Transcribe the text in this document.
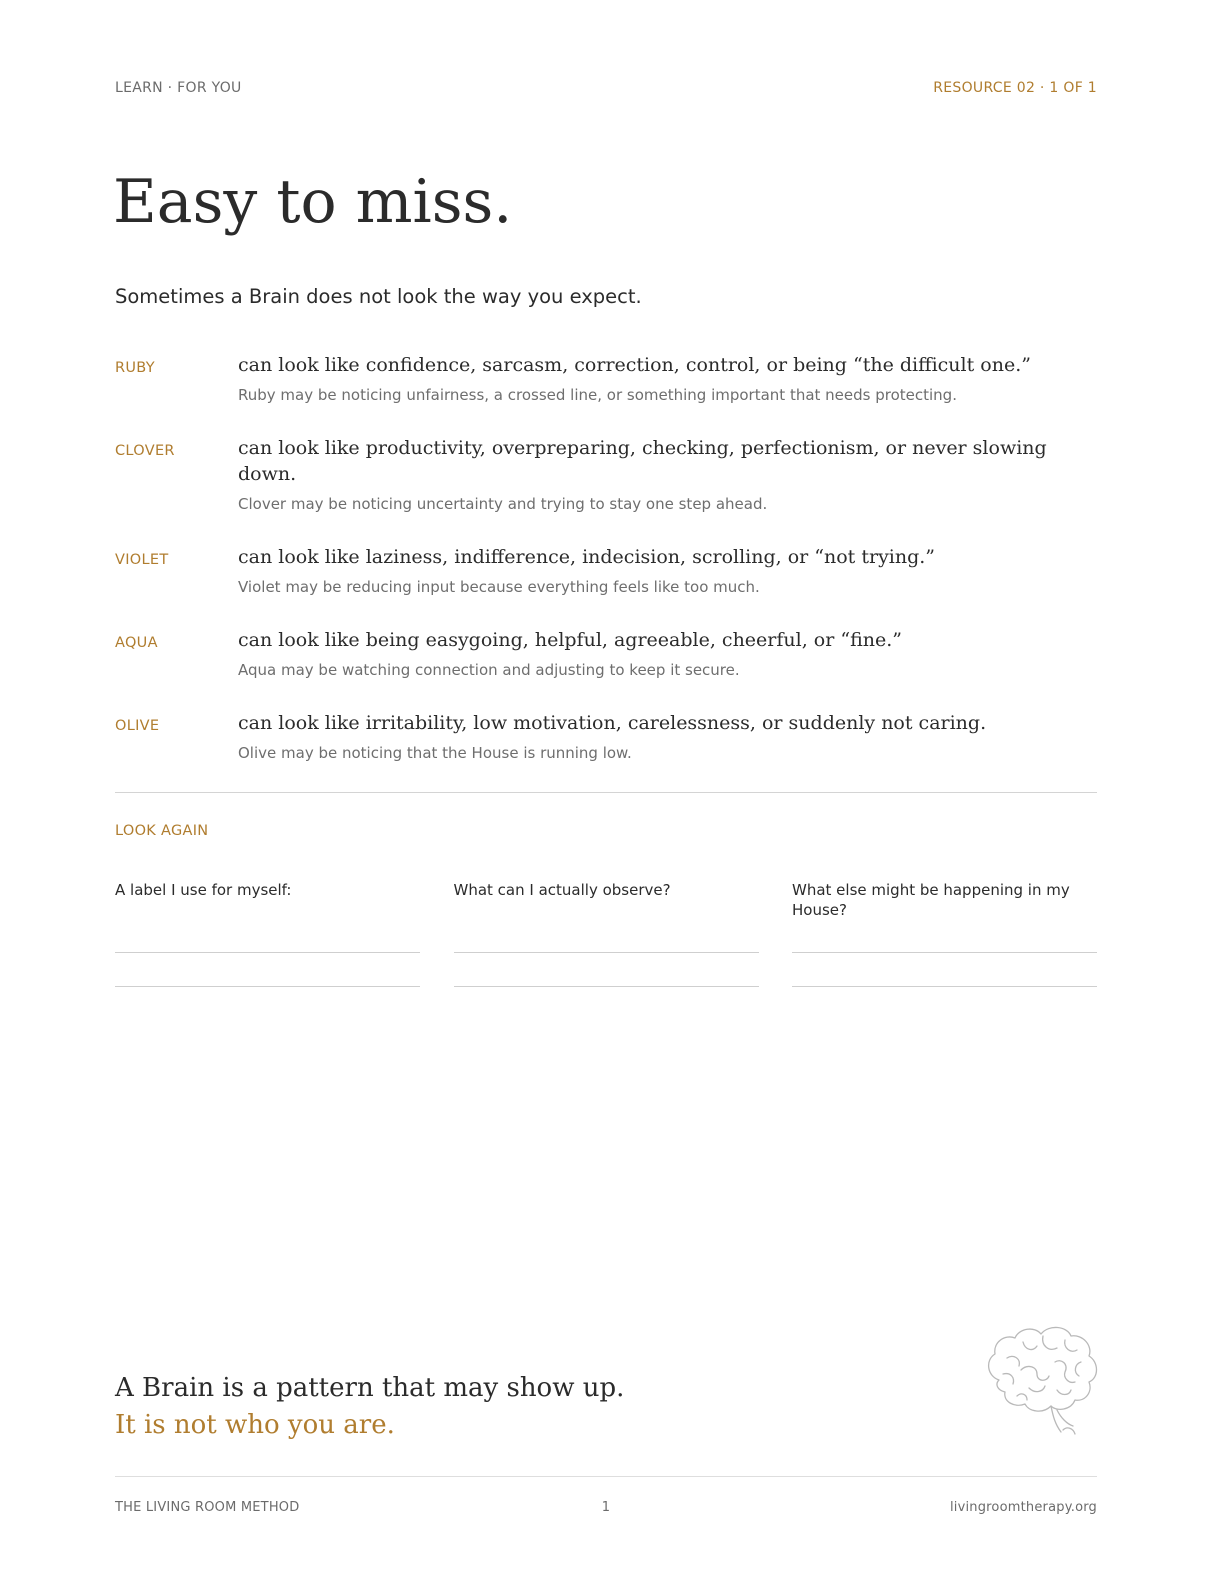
LEARN · FOR YOU	RESOURCE 02 · 1 OF 1
Easy to miss.

Sometimes a Brain does not look the way you expect.

RUBY	can look like confidence, sarcasm, correction, control, or being “the difficult one.”
Ruby may be noticing unfairness, a crossed line, or something important that needs protecting.
CLOVER	can look like productivity, overpreparing, checking, perfectionism, or never slowing down.
Clover may be noticing uncertainty and trying to stay one step ahead.
VIOLET	can look like laziness, indifference, indecision, scrolling, or “not trying.”
Violet may be reducing input because everything feels like too much.
AQUA	can look like being easygoing, helpful, agreeable, cheerful, or “fine.”
Aqua may be watching connection and adjusting to keep it secure.
OLIVE	can look like irritability, low motivation, carelessness, or suddenly not caring.
Olive may be noticing that the House is running low.
LOOK AGAIN
A label I use for myself:	What can I actually observe?	What else might be happening in my House?
A Brain is a pattern that may show up.
It is not who you are.
THE LIVING ROOM METHOD	1	livingroomtherapy.org
